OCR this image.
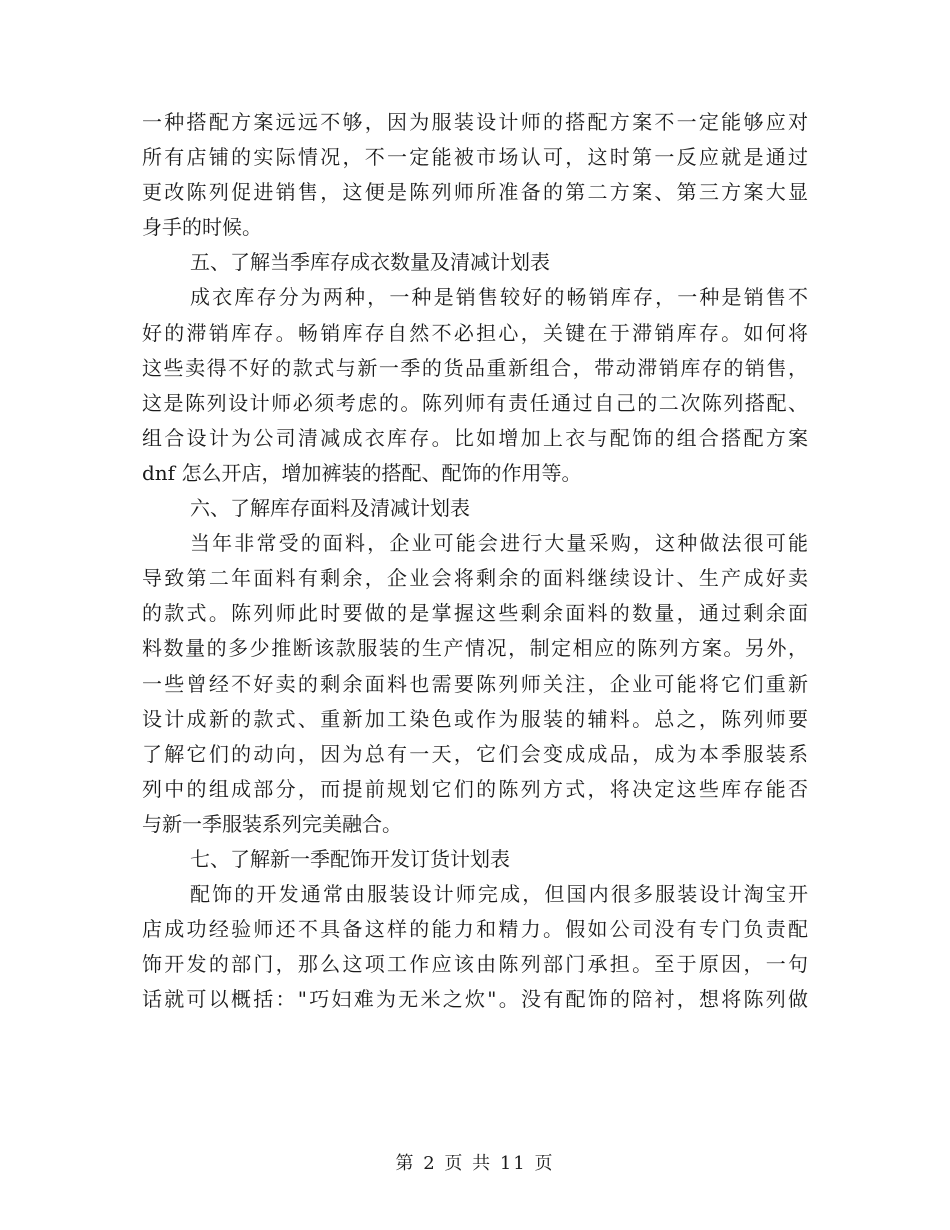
一种搭配方案远远不够，因为服装设计师的搭配方案不一定能够应对
所有店铺的实际情况，不一定能被市场认可，这时第一反应就是通过
更改陈列促进销售，这便是陈列师所准备的第二方案、第三方案大显
身手的时候。
五、了解当季库存成衣数量及清减计划表
成衣库存分为两种，一种是销售较好的畅销库存，一种是销售不
好的滞销库存。畅销库存自然不必担心，关键在于滞销库存。如何将
这些卖得不好的款式与新一季的货品重新组合，带动滞销库存的销售，
这是陈列设计师必须考虑的。陈列师有责任通过自己的二次陈列搭配、
组合设计为公司清减成衣库存。比如增加上衣与配饰的组合搭配方案
dnf 怎么开店，增加裤装的搭配、配饰的作用等。
六、了解库存面料及清减计划表
当年非常受的面料，企业可能会进行大量采购，这种做法很可能
导致第二年面料有剩余，企业会将剩余的面料继续设计、生产成好卖
的款式。陈列师此时要做的是掌握这些剩余面料的数量，通过剩余面
料数量的多少推断该款服装的生产情况，制定相应的陈列方案。另外，
一些曾经不好卖的剩余面料也需要陈列师关注，企业可能将它们重新
设计成新的款式、重新加工染色或作为服装的辅料。总之，陈列师要
了解它们的动向，因为总有一天，它们会变成成品，成为本季服装系
列中的组成部分，而提前规划它们的陈列方式，将决定这些库存能否
与新一季服装系列完美融合。
七、了解新一季配饰开发订货计划表
配饰的开发通常由服装设计师完成，但国内很多服装设计淘宝开
店成功经验师还不具备这样的能力和精力。假如公司没有专门负责配
饰开发的部门，那么这项工作应该由陈列部门承担。至于原因，一句
话就可以概括："巧妇难为无米之炊"。没有配饰的陪衬，想将陈列做
第 2 页 共 11 页
